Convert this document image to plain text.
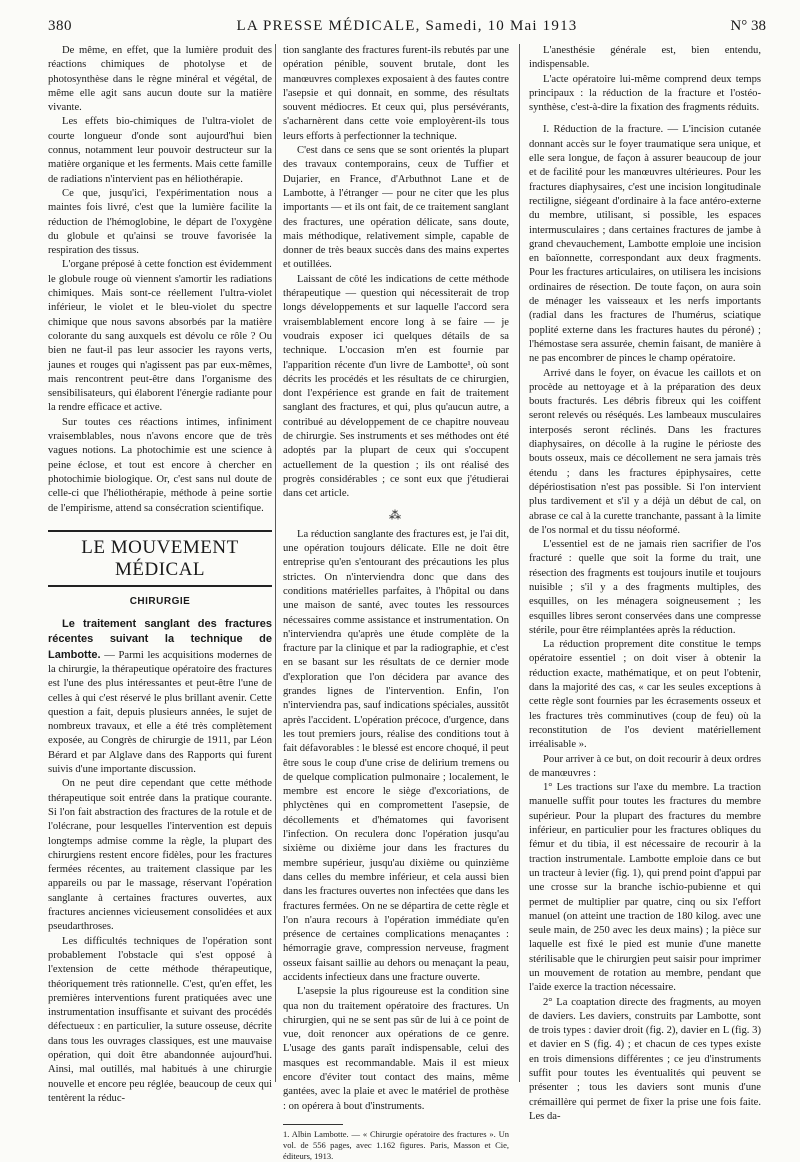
380	LA PRESSE MÉDICALE, Samedi, 10 Mai 1913	N° 38

De même, en effet, que la lumière produit des réactions chimiques de photolyse et de photosynthèse dans le règne minéral et végétal, de même elle agit sans aucun doute sur la matière vivante.

Les effets bio-chimiques de l'ultra-violet de courte longueur d'onde sont aujourd'hui bien connus, notamment leur pouvoir destructeur sur la matière organique et les ferments. Mais cette famille de radiations n'intervient pas en héliothérapie.

Ce que, jusqu'ici, l'expérimentation nous a maintes fois livré, c'est que la lumière facilite la réduction de l'hémoglobine, le départ de l'oxygène du globule et qu'ainsi se trouve favorisée la respiration des tissus.

L'organe préposé à cette fonction est évidemment le globule rouge où viennent s'amortir les radiations chimiques. Mais sont-ce réellement l'ultra-violet inférieur, le violet et le bleu-violet du spectre chimique que nous savons absorbés par la matière colorante du sang auxquels est dévolu ce rôle ? Ou bien ne faut-il pas leur associer les rayons verts, jaunes et rouges qui n'agissent pas par eux-mêmes, mais rencontrent peut-être dans l'organisme des sensibilisateurs, qui élaborent l'énergie radiante pour la rendre efficace et active.

Sur toutes ces réactions intimes, infiniment vraisemblables, nous n'avons encore que de très vagues notions. La photochimie est une science à peine éclose, et tout est encore à chercher en photochimie biologique. Or, c'est sans nul doute de celle-ci que l'héliothérapie, méthode à peine sortie de l'empirisme, attend sa consécration scientifique.

LE MOUVEMENT MÉDICAL
CHIRURGIE

Le traitement sanglant des fractures récentes suivant la technique de Lambotte. — Parmi les acquisitions modernes de la chirurgie, la thérapeutique opératoire des fractures est l'une des plus intéressantes et peut-être l'une de celles à qui c'est réservé le plus brillant avenir. Cette question a fait, depuis plusieurs années, le sujet de nombreux travaux, et elle a été très complètement exposée, au Congrès de chirurgie de 1911, par Léon Bérard et par Alglave dans des Rapports qui furent suivis d'une importante discussion.

On ne peut dire cependant que cette méthode thérapeutique soit entrée dans la pratique courante. Si l'on fait abstraction des fractures de la rotule et de l'olécrane, pour lesquelles l'intervention est depuis longtemps admise comme la règle, la plupart des chirurgiens restent encore fidèles, pour les fractures fermées récentes, au traitement classique par les appareils ou par le massage, réservant l'opération sanglante à certaines fractures ouvertes, aux fractures anciennes vicieusement consolidées et aux pseudarthroses.

Les difficultés techniques de l'opération sont probablement l'obstacle qui s'est opposé à l'extension de cette méthode thérapeutique, théoriquement très rationnelle. C'est, qu'en effet, les premières interventions furent pratiquées avec une instrumentation insuffisante et suivant des procédés défectueux : en particulier, la suture osseuse, décrite dans tous les ouvrages classiques, est une mauvaise opération, qui doit être abandonnée aujourd'hui. Ainsi, mal outillés, mal habitués à une chirurgie nouvelle et encore peu réglée, beaucoup de ceux qui tentèrent la réduc-

tion sanglante des fractures furent-ils rebutés par une opération pénible, souvent brutale, dont les manœuvres complexes exposaient à des fautes contre l'asepsie et qui donnait, en somme, des résultats souvent médiocres. Et ceux qui, plus persévérants, s'acharnèrent dans cette voie employèrent-ils tous leurs efforts à perfectionner la technique.

C'est dans ce sens que se sont orientés la plupart des travaux contemporains, ceux de Tuffier et Dujarier, en France, d'Arbuthnot Lane et de Lambotte, à l'étranger — pour ne citer que les plus importants — et ils ont fait, de ce traitement sanglant des fractures, une opération délicate, sans doute, mais méthodique, relativement simple, capable de donner de très beaux succès dans des mains expertes et outillées.

Laissant de côté les indications de cette méthode thérapeutique — question qui nécessiterait de trop longs développements et sur laquelle l'accord sera vraisemblablement encore long à se faire — je voudrais exposer ici quelques détails de sa technique. L'occasion m'en est fournie par l'apparition récente d'un livre de Lambotte¹, où sont décrits les procédés et les résultats de ce chirurgien, dont l'expérience est grande en fait de traitement sanglant des fractures, et qui, plus qu'aucun autre, a contribué au développement de ce chapitre nouveau de chirurgie. Ses instruments et ses méthodes ont été adoptés par la plupart de ceux qui s'occupent actuellement de la question ; ils ont réalisé des progrès considérables ; ce sont eux que j'étudierai dans cet article.

⁂

La réduction sanglante des fractures est, je l'ai dit, une opération toujours délicate. Elle ne doit être entreprise qu'en s'entourant des précautions les plus strictes. On n'interviendra donc que dans des conditions matérielles parfaites, à l'hôpital ou dans une maison de santé, avec toutes les ressources nécessaires comme assistance et instrumentation. On n'interviendra qu'après une étude complète de la fracture par la clinique et par la radiographie, et c'est en se basant sur les résultats de ce dernier mode d'exploration que l'on décidera par avance des grandes lignes de l'intervention. Enfin, l'on n'interviendra pas, sauf indications spéciales, aussitôt après l'accident. L'opération précoce, d'urgence, dans les tout premiers jours, réalise des conditions tout à fait défavorables : le blessé est encore choqué, il peut être sous le coup d'une crise de delirium tremens ou de quelque complication pulmonaire ; localement, le membre est encore le siège d'excoriations, de phlyctènes qui en compromettent l'asepsie, de décollements et d'hématomes qui favorisent l'infection. On reculera donc l'opération jusqu'au sixième ou dixième jour dans les fractures du membre supérieur, jusqu'au dixième ou quinzième dans celles du membre inférieur, et cela aussi bien dans les fractures ouvertes non infectées que dans les fractures fermées. On ne se départira de cette règle et l'on n'aura recours à l'opération immédiate qu'en présence de certaines complications menaçantes : hémorragie grave, compression nerveuse, fragment osseux faisant saillie au dehors ou menaçant la peau, accidents infectieux dans une fracture ouverte.

L'asepsie la plus rigoureuse est la condition sine qua non du traitement opératoire des fractures. Un chirurgien, qui ne se sent pas sûr de lui à ce point de vue, doit renoncer aux opérations de ce genre. L'usage des gants paraît indispensable, celui des masques est recommandable. Mais il est mieux encore d'éviter tout contact des mains, même gantées, avec la plaie et avec le matériel de prothèse : on opérera à bout d'instruments.

1. Albin Lambotte. — « Chirurgie opératoire des fractures ». Un vol. de 556 pages, avec 1.162 figures. Paris, Masson et Cie, éditeurs, 1913.

L'anesthésie générale est, bien entendu, indispensable.

L'acte opératoire lui-même comprend deux temps principaux : la réduction de la fracture et l'ostéo-synthèse, c'est-à-dire la fixation des fragments réduits.

I. Réduction de la fracture. — L'incision cutanée donnant accès sur le foyer traumatique sera unique, et elle sera longue, de façon à assurer beaucoup de jour et de facilité pour les manœuvres ultérieures. Pour les fractures diaphysaires, c'est une incision longitudinale rectiligne, siégeant d'ordinaire à la face antéro-externe du membre, utilisant, si possible, les espaces intermusculaires ; dans certaines fractures de jambe à grand chevauchement, Lambotte emploie une incision en baïonnette, correspondant aux deux fragments. Pour les fractures articulaires, on utilisera les incisions ordinaires de résection. De toute façon, on aura soin de ménager les vaisseaux et les nerfs importants (radial dans les fractures de l'humérus, sciatique poplité externe dans les fractures hautes du péroné) ; l'hémostase sera assurée, chemin faisant, de manière à ne pas encombrer de pinces le champ opératoire.

Arrivé dans le foyer, on évacue les caillots et on procède au nettoyage et à la préparation des deux bouts fracturés. Les débris fibreux qui les coiffent seront relevés ou réséqués. Les lambeaux musculaires interposés seront réclinés. Dans les fractures diaphysaires, on décolle à la rugine le périoste des bouts osseux, mais ce décollement ne sera jamais très étendu ; dans les fractures épiphysaires, cette dépériostisation n'est pas possible. Si l'on intervient plus tardivement et s'il y a déjà un début de cal, on abrase ce cal à la curette tranchante, passant à la limite de l'os normal et du tissu néoformé.

L'essentiel est de ne jamais rien sacrifier de l'os fracturé : quelle que soit la forme du trait, une résection des fragments est toujours inutile et toujours nuisible ; s'il y a des fragments multiples, des esquilles, on les ménagera soigneusement ; les esquilles libres seront conservées dans une compresse stérile, pour être réimplantées après la réduction.

La réduction proprement dite constitue le temps opératoire essentiel ; on doit viser à obtenir la réduction exacte, mathématique, et on peut l'obtenir, dans la majorité des cas, « car les seules exceptions à cette règle sont fournies par les écrasements osseux et les fractures très comminutives (coup de feu) où la reconstitution de l'os devient matériellement irréalisable ».

Pour arriver à ce but, on doit recourir à deux ordres de manœuvres :

1° Les tractions sur l'axe du membre. La traction manuelle suffit pour toutes les fractures du membre supérieur. Pour la plupart des fractures du membre inférieur, en particulier pour les fractures obliques du fémur et du tibia, il est nécessaire de recourir à la traction instrumentale. Lambotte emploie dans ce but un tracteur à levier (fig. 1), qui prend point d'appui par une crosse sur la branche ischio-pubienne et qui permet de multiplier par quatre, cinq ou six l'effort manuel (on atteint une traction de 180 kilog. avec une seule main, de 250 avec les deux mains) ; la pièce sur laquelle est fixé le pied est munie d'une manette stérilisable que le chirurgien peut saisir pour imprimer un mouvement de rotation au membre, pendant que l'aide exerce la traction nécessaire.

2° La coaptation directe des fragments, au moyen de daviers. Les daviers, construits par Lambotte, sont de trois types : davier droit (fig. 2), davier en L (fig. 3) et davier en S (fig. 4) ; et chacun de ces types existe en trois dimensions différentes ; ce jeu d'instruments suffit pour toutes les éventualités qui peuvent se présenter ; tous les daviers sont munis d'une crémaillère qui permet de fixer la prise une fois faite. Les da-
